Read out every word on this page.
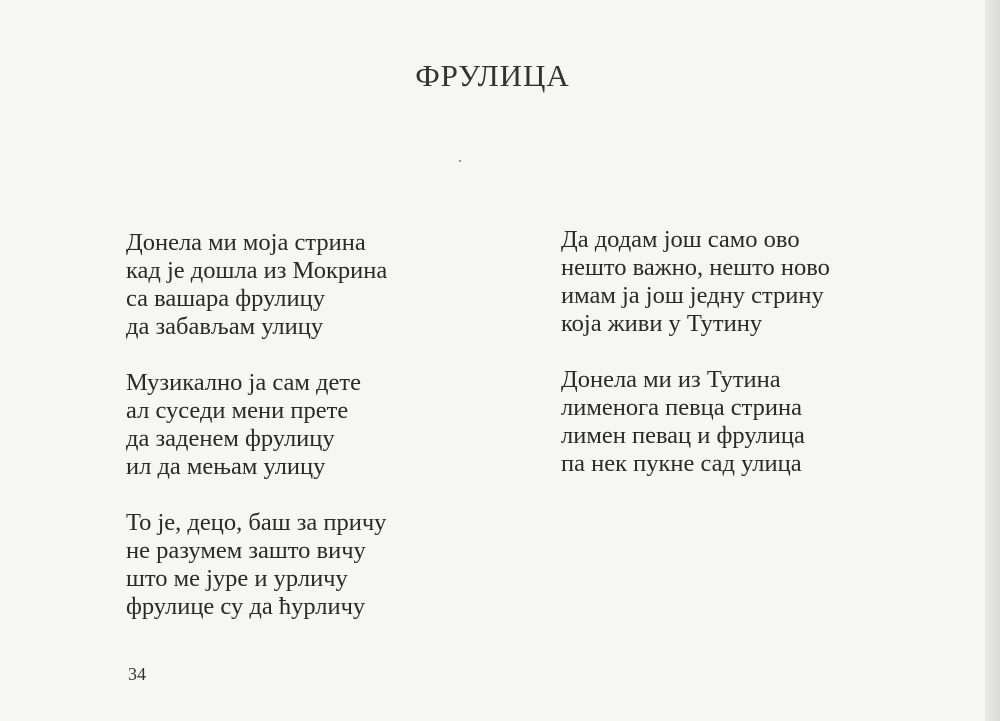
ФРУЛИЦА
Донела ми моја стрина
кад је дошла из Мокрина
са вашара фрулицу
да забављам улицу
Музикално ја сам дете
ал суседи мени прете
да заденем фрулицу
ил да мењам улицу
То је, децо, баш за причу
не разумем зашто вичу
што ме јуре и урличу
фрулице су да ћурличу
Да додам још само ово
нешто важно, нешто ново
имам ја још једну стрину
која живи у Тутину
Донела ми из Тутина
лименога певца стрина
лимен певац и фрулица
па нек пукне сад улица
34
